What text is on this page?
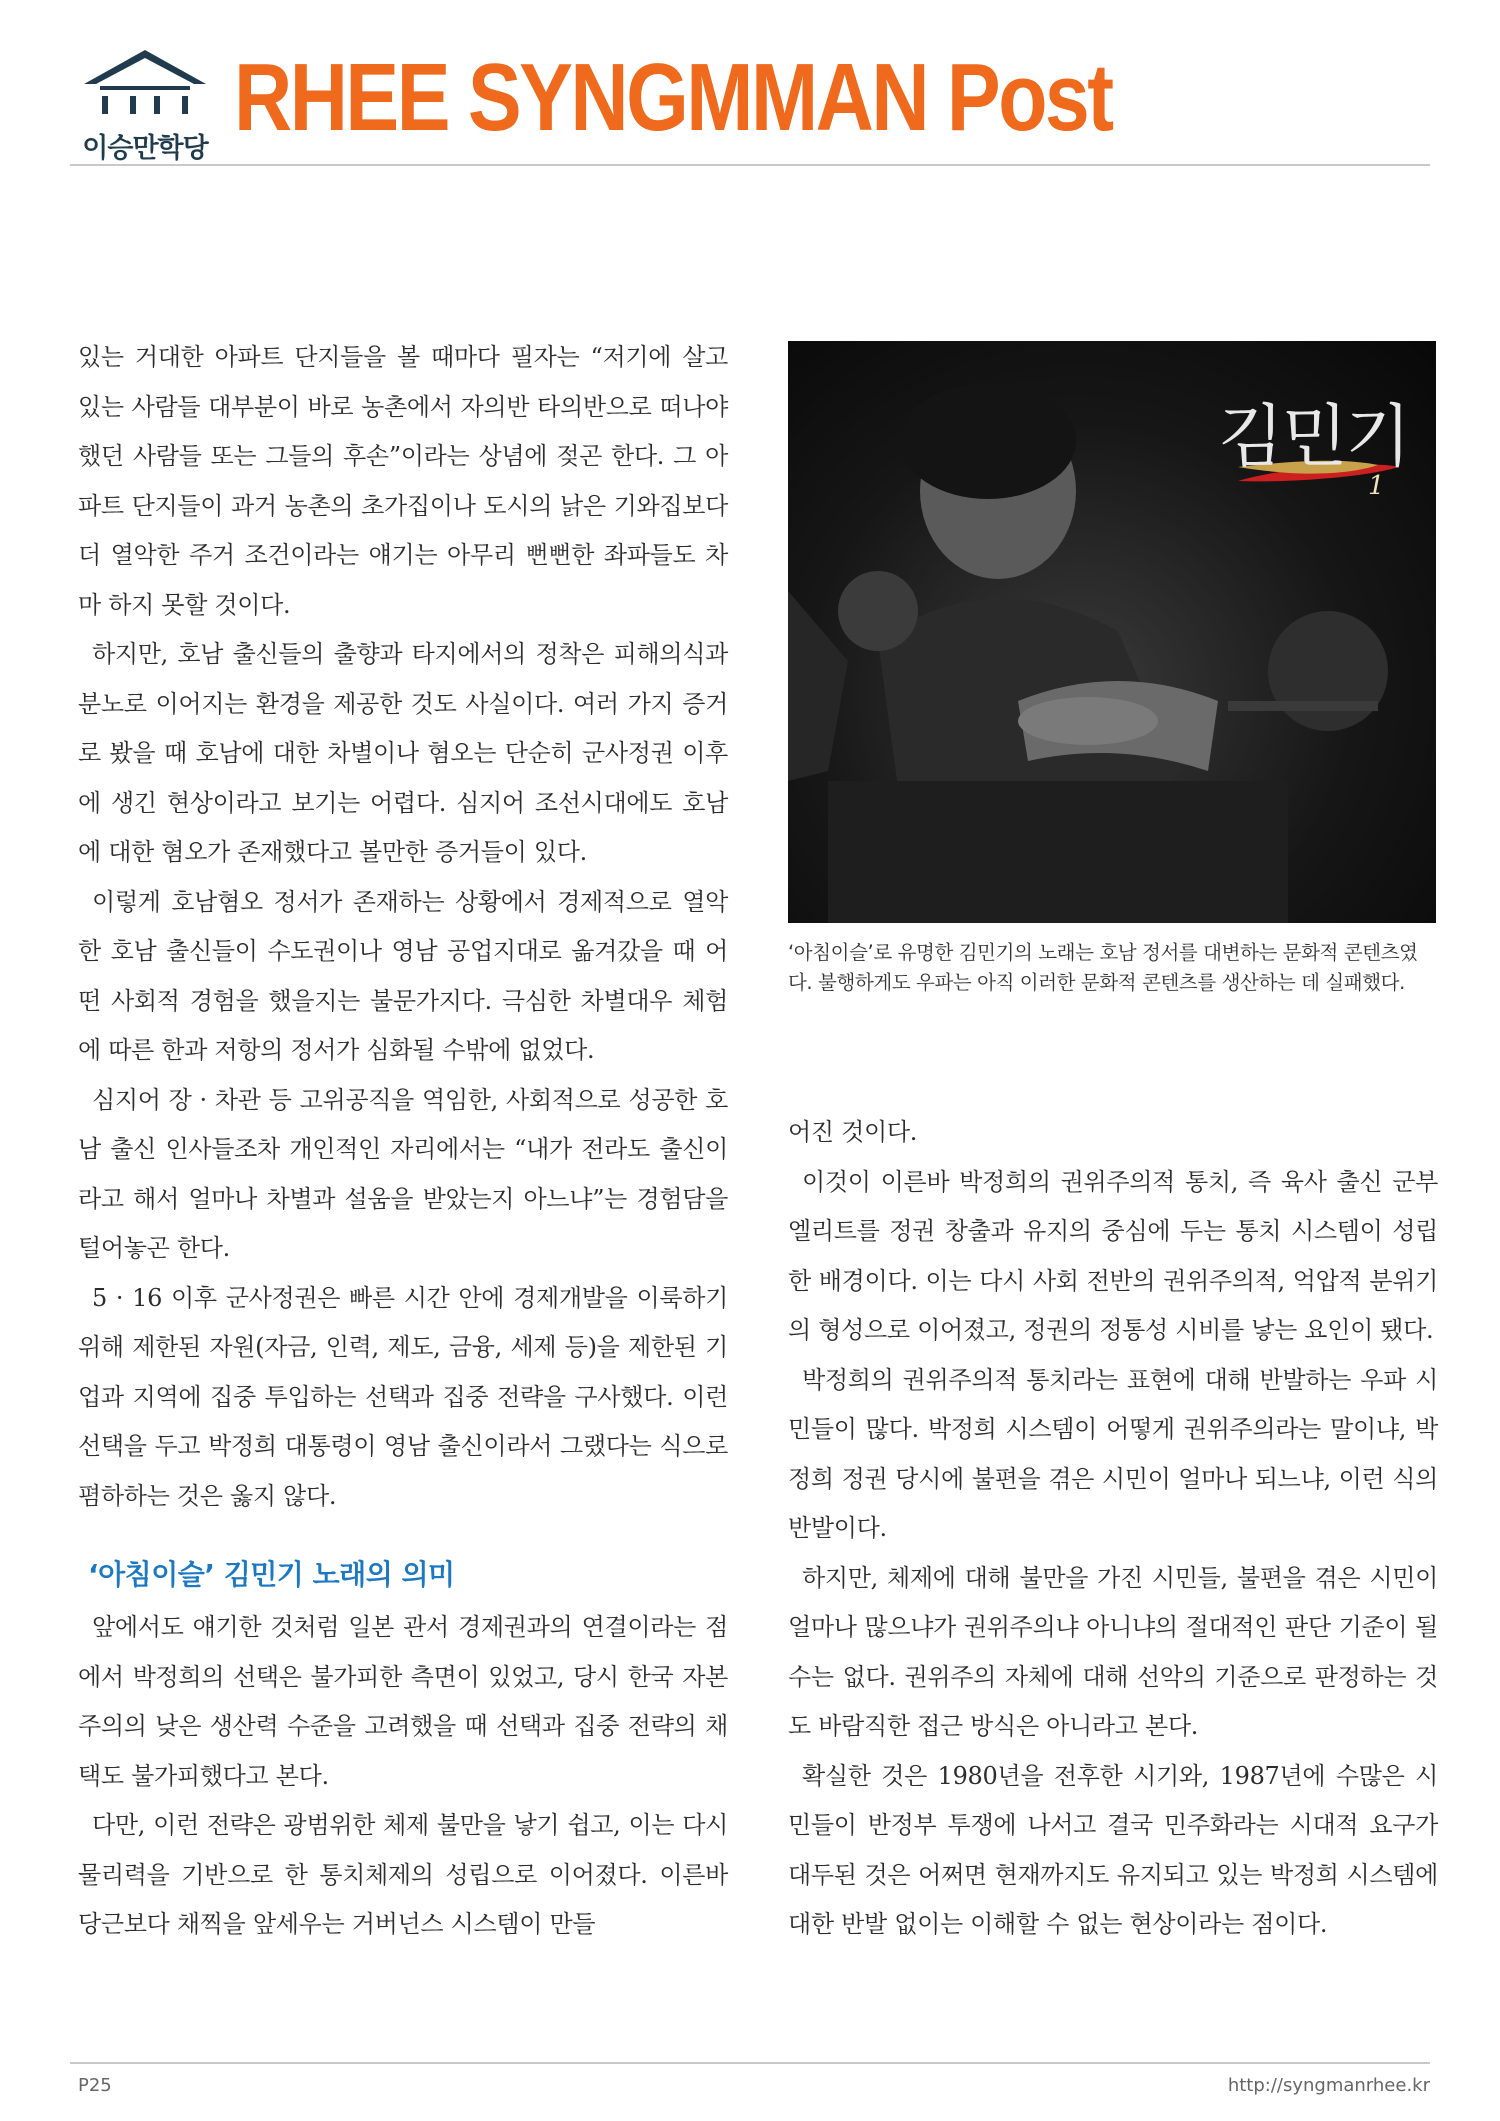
이승만학당 RHEE SYNGMMAN Post

있는 거대한 아파트 단지들을 볼 때마다 필자는 “저기에 살고 있는 사람들 대부분이 바로 농촌에서 자의반 타의반으로 떠나야 했던 사람들 또는 그들의 후손”이라는 상념에 젖곤 한다. 그 아파트 단지들이 과거 농촌의 초가집이나 도시의 낡은 기와집보다 더 열악한 주거 조건이라는 얘기는 아무리 뻔뻔한 좌파들도 차마 하지 못할 것이다.

하지만, 호남 출신들의 출향과 타지에서의 정착은 피해의식과 분노로 이어지는 환경을 제공한 것도 사실이다. 여러 가지 증거로 봤을 때 호남에 대한 차별이나 혐오는 단순히 군사정권 이후에 생긴 현상이라고 보기는 어렵다. 심지어 조선시대에도 호남에 대한 혐오가 존재했다고 볼만한 증거들이 있다.

이렇게 호남혐오 정서가 존재하는 상황에서 경제적으로 열악한 호남 출신들이 수도권이나 영남 공업지대로 옮겨갔을 때 어떤 사회적 경험을 했을지는 불문가지다. 극심한 차별대우 체험에 따른 한과 저항의 정서가 심화될 수밖에 없었다.

심지어 장 · 차관 등 고위공직을 역임한, 사회적으로 성공한 호남 출신 인사들조차 개인적인 자리에서는 “내가 전라도 출신이라고 해서 얼마나 차별과 설움을 받았는지 아느냐”는 경험담을 털어놓곤 한다.

5 · 16 이후 군사정권은 빠른 시간 안에 경제개발을 이룩하기 위해 제한된 자원(자금, 인력, 제도, 금융, 세제 등)을 제한된 기업과 지역에 집중 투입하는 선택과 집중 전략을 구사했다. 이런 선택을 두고 박정희 대통령이 영남 출신이라서 그랬다는 식으로 폄하하는 것은 옳지 않다.

‘아침이슬’ 김민기 노래의 의미

앞에서도 얘기한 것처럼 일본 관서 경제권과의 연결이라는 점에서 박정희의 선택은 불가피한 측면이 있었고, 당시 한국 자본주의의 낮은 생산력 수준을 고려했을 때 선택과 집중 전략의 채택도 불가피했다고 본다.

다만, 이런 전략은 광범위한 체제 불만을 낳기 쉽고, 이는 다시 물리력을 기반으로 한 통치체제의 성립으로 이어졌다. 이른바 당근보다 채찍을 앞세우는 거버넌스 시스템이 만들

김민기
1
‘아침이슬’로 유명한 김민기의 노래는 호남 정서를 대변하는 문화적 콘텐츠였다. 불행하게도 우파는 아직 이러한 문화적 콘텐츠를 생산하는 데 실패했다.

어진 것이다.

이것이 이른바 박정희의 권위주의적 통치, 즉 육사 출신 군부 엘리트를 정권 창출과 유지의 중심에 두는 통치 시스템이 성립한 배경이다. 이는 다시 사회 전반의 권위주의적, 억압적 분위기의 형성으로 이어졌고, 정권의 정통성 시비를 낳는 요인이 됐다.

박정희의 권위주의적 통치라는 표현에 대해 반발하는 우파 시민들이 많다. 박정희 시스템이 어떻게 권위주의라는 말이냐, 박정희 정권 당시에 불편을 겪은 시민이 얼마나 되느냐, 이런 식의 반발이다.

하지만, 체제에 대해 불만을 가진 시민들, 불편을 겪은 시민이 얼마나 많으냐가 권위주의냐 아니냐의 절대적인 판단 기준이 될 수는 없다. 권위주의 자체에 대해 선악의 기준으로 판정하는 것도 바람직한 접근 방식은 아니라고 본다.

확실한 것은 1980년을 전후한 시기와, 1987년에 수많은 시민들이 반정부 투쟁에 나서고 결국 민주화라는 시대적 요구가 대두된 것은 어쩌면 현재까지도 유지되고 있는 박정희 시스템에 대한 반발 없이는 이해할 수 없는 현상이라는 점이다.

P25	http://syngmanrhee.kr
